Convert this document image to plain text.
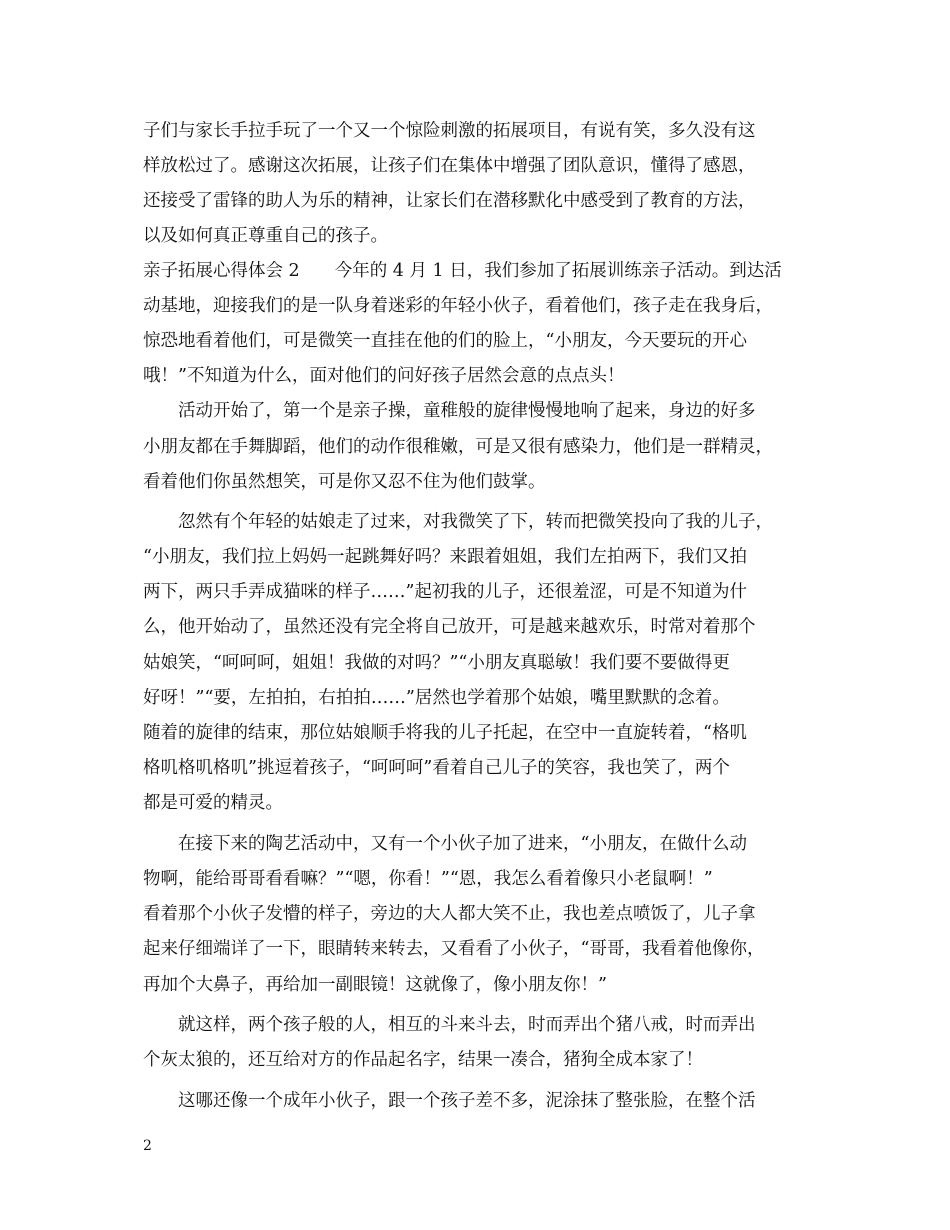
子们与家长手拉手玩了一个又一个惊险刺激的拓展项目，有说有笑，多久没有这
样放松过了。感谢这次拓展，让孩子们在集体中增强了团队意识，懂得了感恩，
还接受了雷锋的助人为乐的精神，让家长们在潜移默化中感受到了教育的方法，
以及如何真正尊重自己的孩子。
亲子拓展心得体会 2　　今年的 4 月 1 日，我们参加了拓展训练亲子活动。到达活
动基地，迎接我们的是一队身着迷彩的年轻小伙子，看着他们，孩子走在我身后，
惊恐地看着他们，可是微笑一直挂在他的们的脸上，“小朋友，今天要玩的开心
哦！”不知道为什么，面对他们的问好孩子居然会意的点点头！
活动开始了，第一个是亲子操，童稚般的旋律慢慢地响了起来，身边的好多
小朋友都在手舞脚蹈，他们的动作很稚嫩，可是又很有感染力，他们是一群精灵，
看着他们你虽然想笑，可是你又忍不住为他们鼓掌。
忽然有个年轻的姑娘走了过来，对我微笑了下，转而把微笑投向了我的儿子，
“小朋友，我们拉上妈妈一起跳舞好吗？来跟着姐姐，我们左拍两下，我们又拍
两下，两只手弄成猫咪的样子……”起初我的儿子，还很羞涩，可是不知道为什
么，他开始动了，虽然还没有完全将自己放开，可是越来越欢乐，时常对着那个
姑娘笑，“呵呵呵，姐姐！我做的对吗？”“小朋友真聪敏！我们要不要做得更
好呀！”“要，左拍拍，右拍拍……”居然也学着那个姑娘，嘴里默默的念着。
随着的旋律的结束，那位姑娘顺手将我的儿子托起，在空中一直旋转着，“格叽
格叽格叽格叽”挑逗着孩子，“呵呵呵”看着自己儿子的笑容，我也笑了，两个
都是可爱的精灵。
在接下来的陶艺活动中，又有一个小伙子加了进来，“小朋友，在做什么动
物啊，能给哥哥看看嘛？”“嗯，你看！”“恩，我怎么看着像只小老鼠啊！”
看着那个小伙子发懵的样子，旁边的大人都大笑不止，我也差点喷饭了，儿子拿
起来仔细端详了一下，眼睛转来转去，又看看了小伙子，“哥哥，我看着他像你，
再加个大鼻子，再给加一副眼镜！这就像了，像小朋友你！”
就这样，两个孩子般的人，相互的斗来斗去，时而弄出个猪八戒，时而弄出
个灰太狼的，还互给对方的作品起名字，结果一凑合，猪狗全成本家了！
这哪还像一个成年小伙子，跟一个孩子差不多，泥涂抹了整张脸，在整个活
2
